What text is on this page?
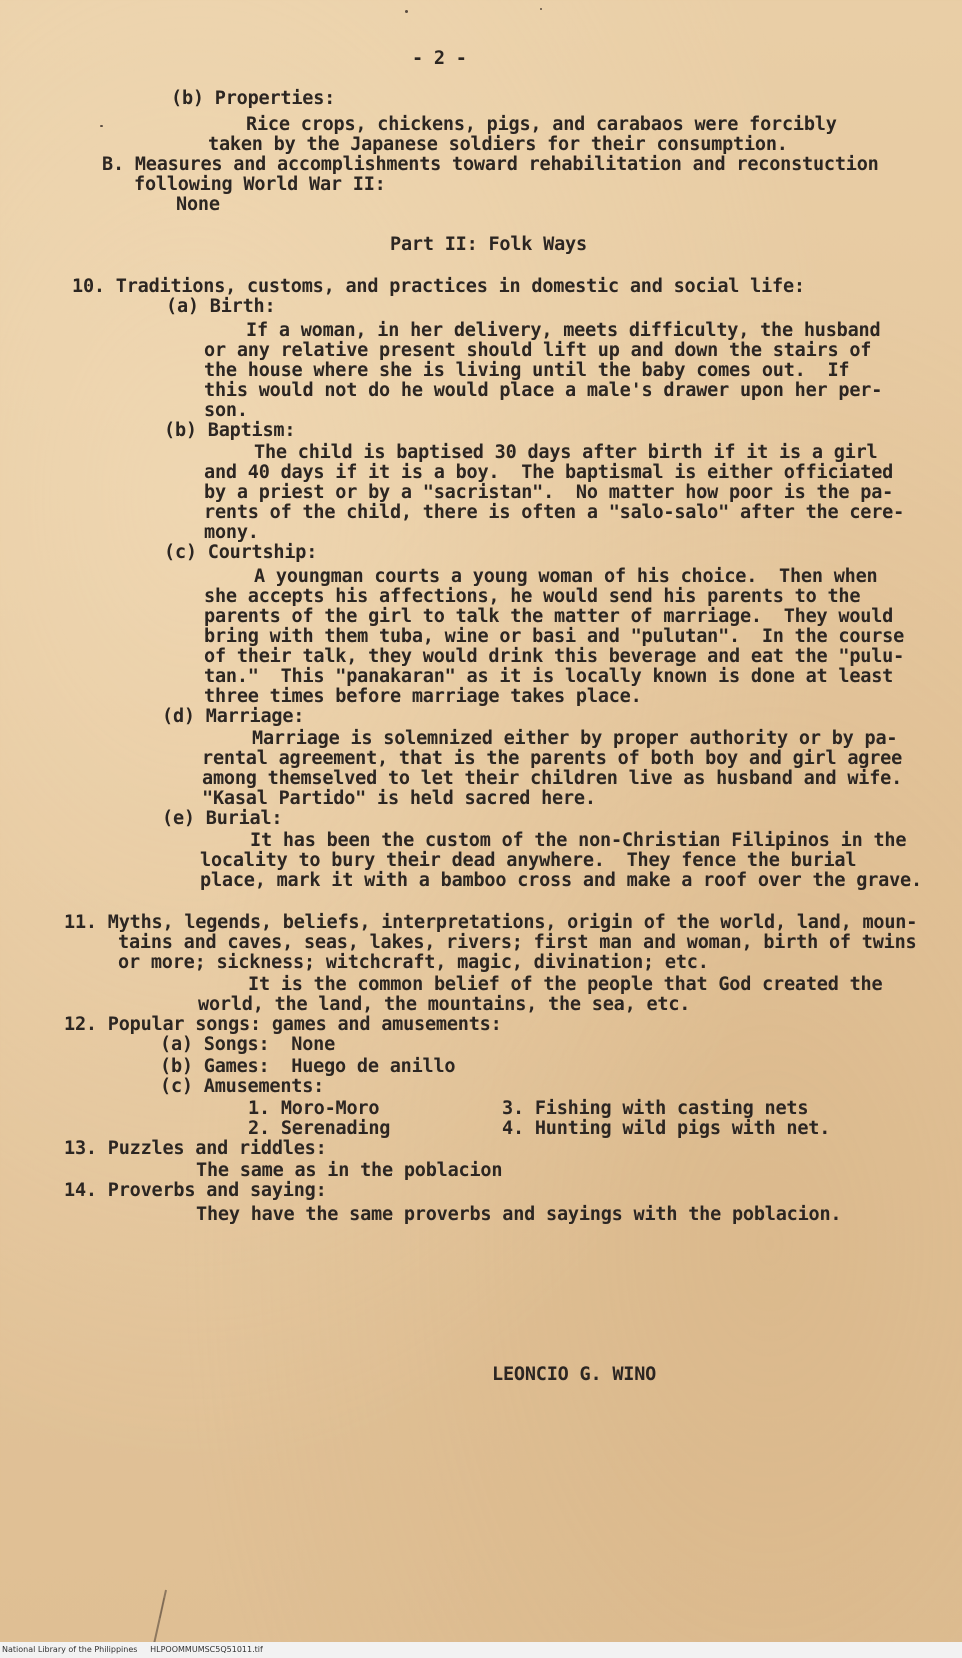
- 2 -
(b) Properties:
Rice crops, chickens, pigs, and carabaos were forcibly
taken by the Japanese soldiers for their consumption.
B. Measures and accomplishments toward rehabilitation and reconstuction
following World War II:
None
Part II: Folk Ways
10. Traditions, customs, and practices in domestic and social life:
(a) Birth:
If a woman, in her delivery, meets difficulty, the husband
or any relative present should lift up and down the stairs of
the house where she is living until the baby comes out.  If
this would not do he would place a male's drawer upon her per-
son.
(b) Baptism:
The child is baptised 30 days after birth if it is a girl
and 40 days if it is a boy.  The baptismal is either officiated
by a priest or by a "sacristan".  No matter how poor is the pa-
rents of the child, there is often a "salo-salo" after the cere-
mony.
(c) Courtship:
A youngman courts a young woman of his choice.  Then when
she accepts his affections, he would send his parents to the
parents of the girl to talk the matter of marriage.  They would
bring with them tuba, wine or basi and "pulutan".  In the course
of their talk, they would drink this beverage and eat the "pulu-
tan."  This "panakaran" as it is locally known is done at least
three times before marriage takes place.
(d) Marriage:
Marriage is solemnized either by proper authority or by pa-
rental agreement, that is the parents of both boy and girl agree
among themselved to let their children live as husband and wife.
"Kasal Partido" is held sacred here.
(e) Burial:
It has been the custom of the non-Christian Filipinos in the
locality to bury their dead anywhere.  They fence the burial
place, mark it with a bamboo cross and make a roof over the grave.
11. Myths, legends, beliefs, interpretations, origin of the world, land, moun-
tains and caves, seas, lakes, rivers; first man and woman, birth of twins
or more; sickness; witchcraft, magic, divination; etc.
It is the common belief of the people that God created the
world, the land, the mountains, the sea, etc.
12. Popular songs: games and amusements:
(a) Songs:  None
(b) Games:  Huego de anillo
(c) Amusements:
1. Moro-Moro	3. Fishing with casting nets
2. Serenading	4. Hunting wild pigs with net.
13. Puzzles and riddles:
The same as in the poblacion
14. Proverbs and saying:
They have the same proverbs and sayings with the poblacion.
LEONCIO G. WINO
National Library of the Philippines     HLPOOMMUMSC5Q51011.tif
